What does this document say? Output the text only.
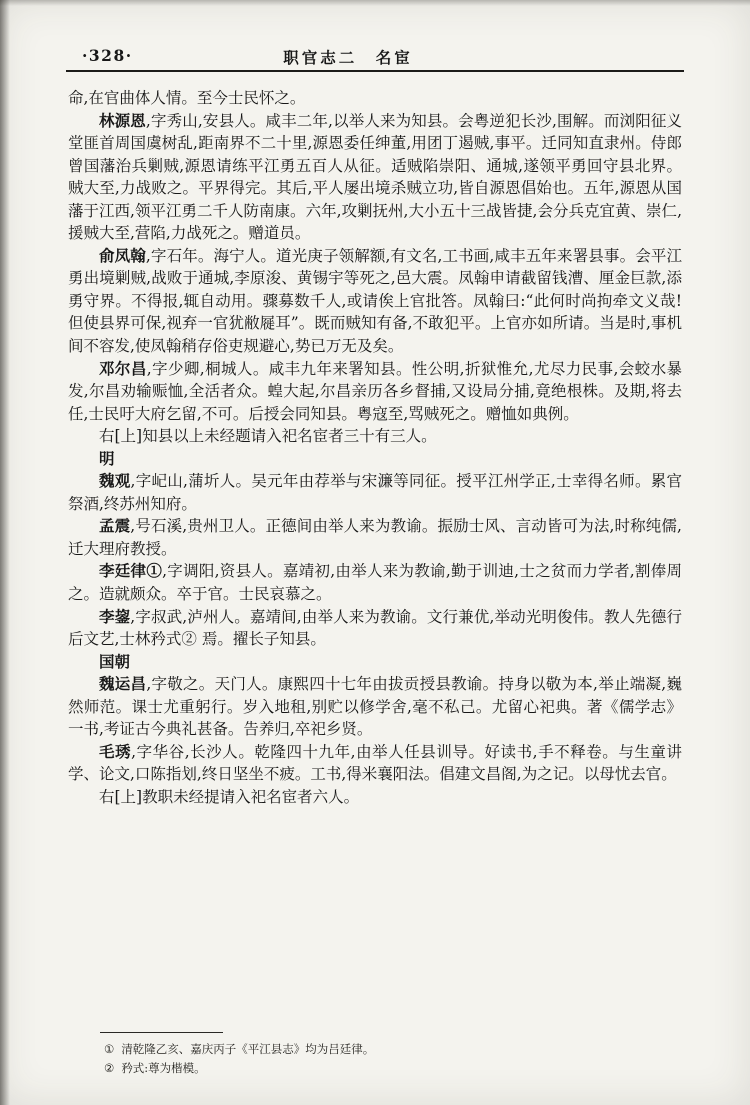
·328·	职官志二　名宦

命,在官曲体人情。至今士民怀之。

林源恩,字秀山,安县人。咸丰二年,以举人来为知县。会粤逆犯长沙,围解。而浏阳征义堂匪首周国虞树乱,距南界不二十里,源恩委任绅董,用团丁遏贼,事平。迁同知直隶州。侍郎曾国藩治兵剿贼,源恩请练平江勇五百人从征。适贼陷崇阳、通城,遂领平勇回守县北界。贼大至,力战败之。平界得完。其后,平人屡出境杀贼立功,皆自源恩倡始也。五年,源恩从国藩于江西,领平江勇二千人防南康。六年,攻剿抚州,大小五十三战皆捷,会分兵克宜黄、崇仁,援贼大至,营陷,力战死之。赠道员。

俞凤翰,字石年。海宁人。道光庚子领解额,有文名,工书画,咸丰五年来署县事。会平江勇出境剿贼,战败于通城,李原浚、黄锡宇等死之,邑大震。凤翰申请截留钱漕、厘金巨款,添勇守界。不得报,辄自动用。骤募数千人,或请俟上官批答。凤翰曰:“此何时尚拘牵文义哉! 但使县界可保,视弃一官犹敝屣耳”。既而贼知有备,不敢犯平。上官亦如所请。当是时,事机间不容发,使凤翰稍存俗吏规避心,势已万无及矣。

邓尔昌,字少卿,桐城人。咸丰九年来署知县。性公明,折狱惟允,尤尽力民事,会蛟水暴发,尔昌劝输赈恤,全活者众。蝗大起,尔昌亲历各乡督捕,又设局分捕,竟绝根株。及期,将去任,士民吁大府乞留,不可。后授会同知县。粤寇至,骂贼死之。赠恤如典例。

右[上]知县以上未经题请入祀名宦者三十有三人。

明

魏观,字屺山,蒲圻人。吴元年由荐举与宋濂等同征。授平江州学正,士幸得名师。累官祭酒,终苏州知府。

孟震,号石溪,贵州卫人。正德间由举人来为教谕。振励士风、言动皆可为法,时称纯儒,迁大理府教授。

李廷律①,字调阳,资县人。嘉靖初,由举人来为教谕,勤于训迪,士之贫而力学者,割俸周之。造就颇众。卒于官。士民哀慕之。

李鋆,字叔武,泸州人。嘉靖间,由举人来为教谕。文行兼优,举动光明俊伟。教人先德行后文艺,士林矜式② 焉。擢长子知县。

国朝

魏运昌,字敬之。天门人。康熙四十七年由拔贡授县教谕。持身以敬为本,举止端凝,巍然师范。课士尤重躬行。岁入地租,别贮以修学舍,毫不私己。尤留心祀典。著《儒学志》一书,考证古今典礼甚备。告养归,卒祀乡贤。

毛琇,字华谷,长沙人。乾隆四十九年,由举人任县训导。好读书,手不释卷。与生童讲学、论文,口陈指划,终日坚坐不疲。工书,得米襄阳法。倡建文昌阁,为之记。以母忧去官。

右[上]教职未经提请入祀名宦者六人。

① 清乾隆乙亥、嘉庆丙子《平江县志》均为吕廷律。
② 矜式:尊为楷模。
